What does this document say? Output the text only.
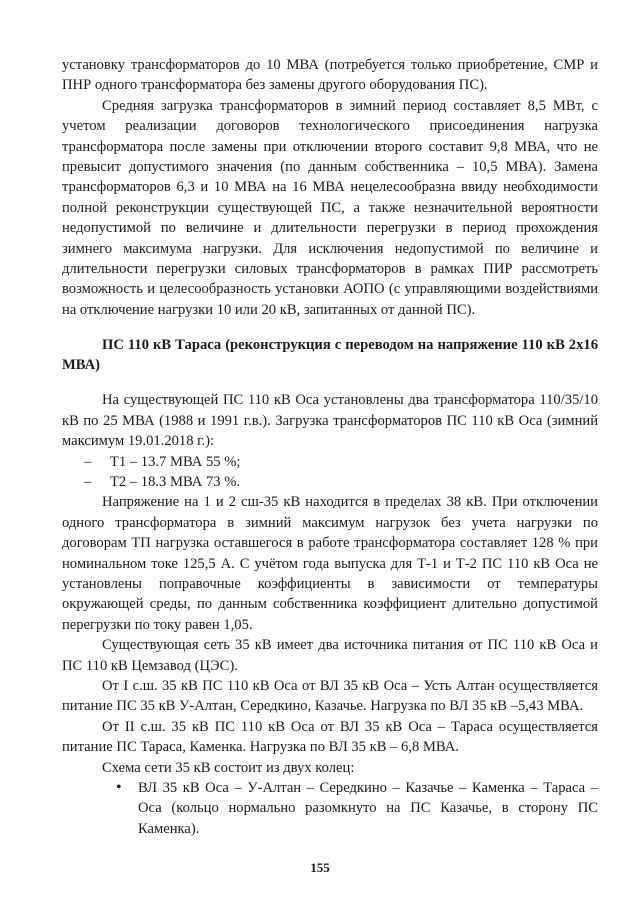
установку трансформаторов до 10 МВА (потребуется только приобретение, СМР и ПНР одного трансформатора без замены другого оборудования ПС).

Средняя загрузка трансформаторов в зимний период составляет 8,5 МВт, с учетом реализации договоров технологического присоединения нагрузка трансформатора после замены при отключении второго составит 9,8 МВА, что не превысит допустимого значения (по данным собственника – 10,5 МВА). Замена трансформаторов 6,3 и 10 МВА на 16 МВА нецелесообразна ввиду необходимости полной реконструкции существующей ПС, а также незначительной вероятности недопустимой по величине и длительности перегрузки в период прохождения зимнего максимума нагрузки. Для исключения недопустимой по величине и длительности перегрузки силовых трансформаторов в рамках ПИР рассмотреть возможность и целесообразность установки АОПО (с управляющими воздействиями на отключение нагрузки 10 или 20 кВ, запитанных от данной ПС).

ПС 110 кВ Тараса (реконструкция с переводом на напряжение 110 кВ 2х16 МВА)

На существующей ПС 110 кВ Оса установлены два трансформатора 110/35/10 кВ по 25 МВА (1988 и 1991 г.в.). Загрузка трансформаторов ПС 110 кВ Оса (зимний максимум 19.01.2018 г.):

– Т1 – 13.7 МВА 55 %;
– Т2 – 18.3 МВА 73 %.

Напряжение на 1 и 2 сш-35 кВ находится в пределах 38 кВ. При отключении одного трансформатора в зимний максимум нагрузок без учета нагрузки по договорам ТП нагрузка оставшегося в работе трансформатора составляет 128 % при номинальном токе 125,5 А. С учётом года выпуска для Т-1 и Т-2 ПС 110 кВ Оса не установлены поправочные коэффициенты в зависимости от температуры окружающей среды, по данным собственника коэффициент длительно допустимой перегрузки по току равен 1,05.

Существующая сеть 35 кВ имеет два источника питания от ПС 110 кВ Оса и ПС 110 кВ Цемзавод (ЦЭС).

От I с.ш. 35 кВ ПС 110 кВ Оса от ВЛ 35 кВ Оса – Усть Алтан осуществляется питание ПС 35 кВ У-Алтан, Середкино, Казачье. Нагрузка по ВЛ 35 кВ –5,43 МВА.

От II с.ш. 35 кВ ПС 110 кВ Оса от ВЛ 35 кВ Оса – Тараса осуществляется питание ПС Тараса, Каменка. Нагрузка по ВЛ 35 кВ – 6,8 МВА.

Схема сети 35 кВ состоит из двух колец:

• ВЛ 35 кВ Оса – У-Алтан – Середкино – Казачье – Каменка – Тараса – Оса (кольцо нормально разомкнуто на ПС Казачье, в сторону ПС Каменка).
155
